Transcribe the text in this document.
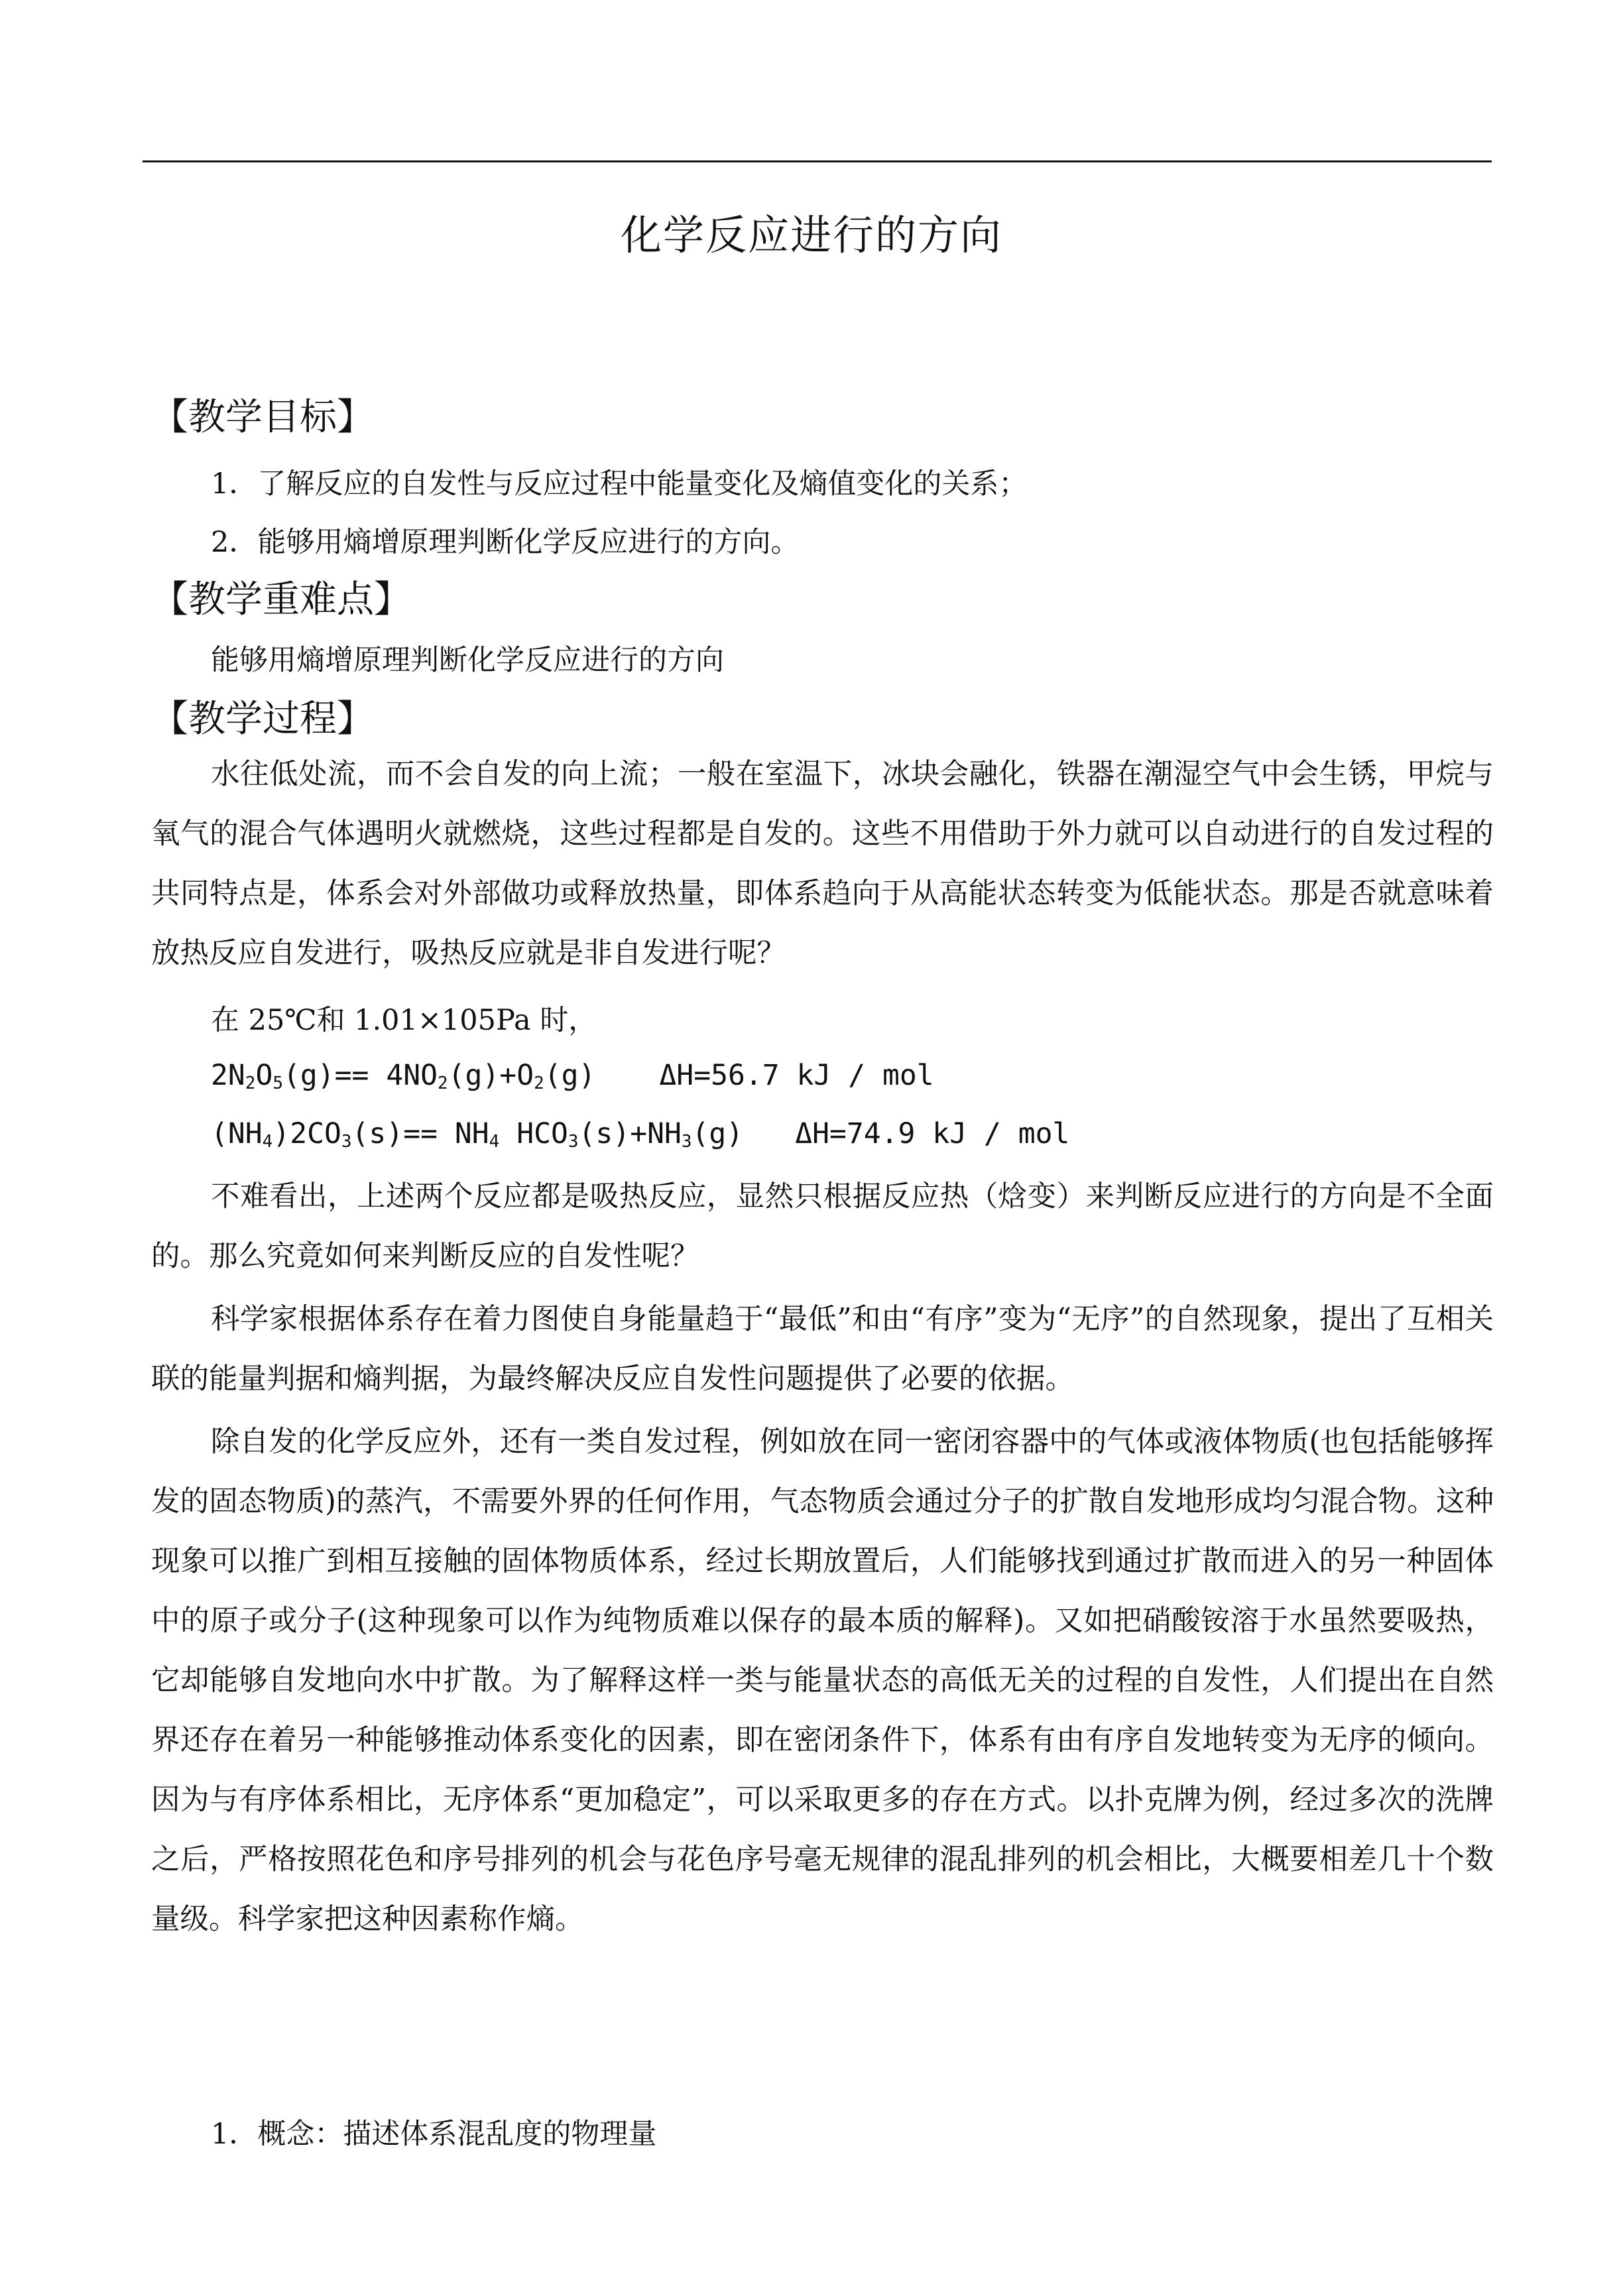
化学反应进行的方向
【教学目标】
1．了解反应的自发性与反应过程中能量变化及熵值变化的关系；
2．能够用熵增原理判断化学反应进行的方向。
【教学重难点】
能够用熵增原理判断化学反应进行的方向
【教学过程】
水往低处流，而不会自发的向上流；一般在室温下，冰块会融化，铁器在潮湿空气中会生锈，甲烷与氧气的混合气体遇明火就燃烧，这些过程都是自发的。这些不用借助于外力就可以自动进行的自发过程的共同特点是，体系会对外部做功或释放热量，即体系趋向于从高能状态转变为低能状态。那是否就意味着放热反应自发进行，吸热反应就是非自发进行呢？
在 25℃和 1.01×105Pa 时，
$2N_2O_5(g)== 4NO_2(g)+O_2(g)$ ΔH=56.7 kJ / mol
$(NH_4)2CO_3(s)== NH_4$ $HCO_3(s)+NH_3(g)$ ΔH=74.9 kJ / mol
不难看出，上述两个反应都是吸热反应，显然只根据反应热（焓变）来判断反应进行的方向是不全面的。那么究竟如何来判断反应的自发性呢？
科学家根据体系存在着力图使自身能量趋于“最低”和由“有序”变为“无序”的自然现象，提出了互相关联的能量判据和熵判据，为最终解决反应自发性问题提供了必要的依据。
除自发的化学反应外，还有一类自发过程，例如放在同一密闭容器中的气体或液体物质(也包括能够挥发的固态物质)的蒸汽，不需要外界的任何作用，气态物质会通过分子的扩散自发地形成均匀混合物。这种现象可以推广到相互接触的固体物质体系，经过长期放置后，人们能够找到通过扩散而进入的另一种固体中的原子或分子(这种现象可以作为纯物质难以保存的最本质的解释)。又如把硝酸铵溶于水虽然要吸热，它却能够自发地向水中扩散。为了解释这样一类与能量状态的高低无关的过程的自发性，人们提出在自然界还存在着另一种能够推动体系变化的因素，即在密闭条件下，体系有由有序自发地转变为无序的倾向。因为与有序体系相比，无序体系“更加稳定”，可以采取更多的存在方式。以扑克牌为例，经过多次的洗牌之后，严格按照花色和序号排列的机会与花色序号毫无规律的混乱排列的机会相比，大概要相差几十个数量级。科学家把这种因素称作熵。
1．概念：描述体系混乱度的物理量
